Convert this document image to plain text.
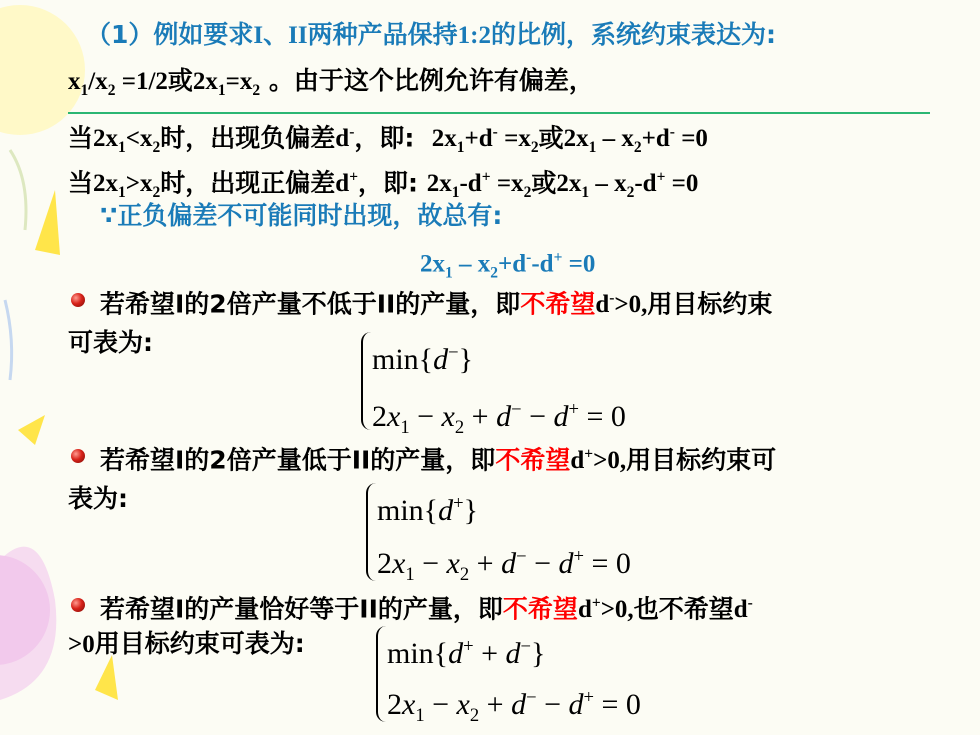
（1）例如要求I、II两种产品保持1:2的比例，系统约束表达为:
$x_1/x_2 =1/2$或$2x_1=x_2$ 。由于这个比例允许有偏差，
当$2x_1<x_2$时，出现负偏差d-，即:  $2x_1+d^- =x_2$或$2x_1 - x_2+d^- =0$
当$2x_1>x_2$时，出现正偏差d+，即: $2x_1-d^+ =x_2$或$2x_1 - x_2-d^+ =0$
∵正负偏差不可能同时出现，故总有:
$2x_1 - x_2+d^--d^+ =0$
若希望I的2倍产量不低于II的产量，即不希望d->0,用目标约束
可表为:
min{d−}
$2x_1 - x_2 + d^- - d^+ = 0$
若希望I的2倍产量低于II的产量，即不希望d+>0,用目标约束可
表为:	min{d+}
$2x_1 - x_2 + d^- - d^+ = 0$
若希望I的产量恰好等于II的产量，即不希望d+>0,也不希望d-
>0用目标约束可表为:	min{d+ + d−}
$2x_1 - x_2 + d^- - d^+ = 0$
